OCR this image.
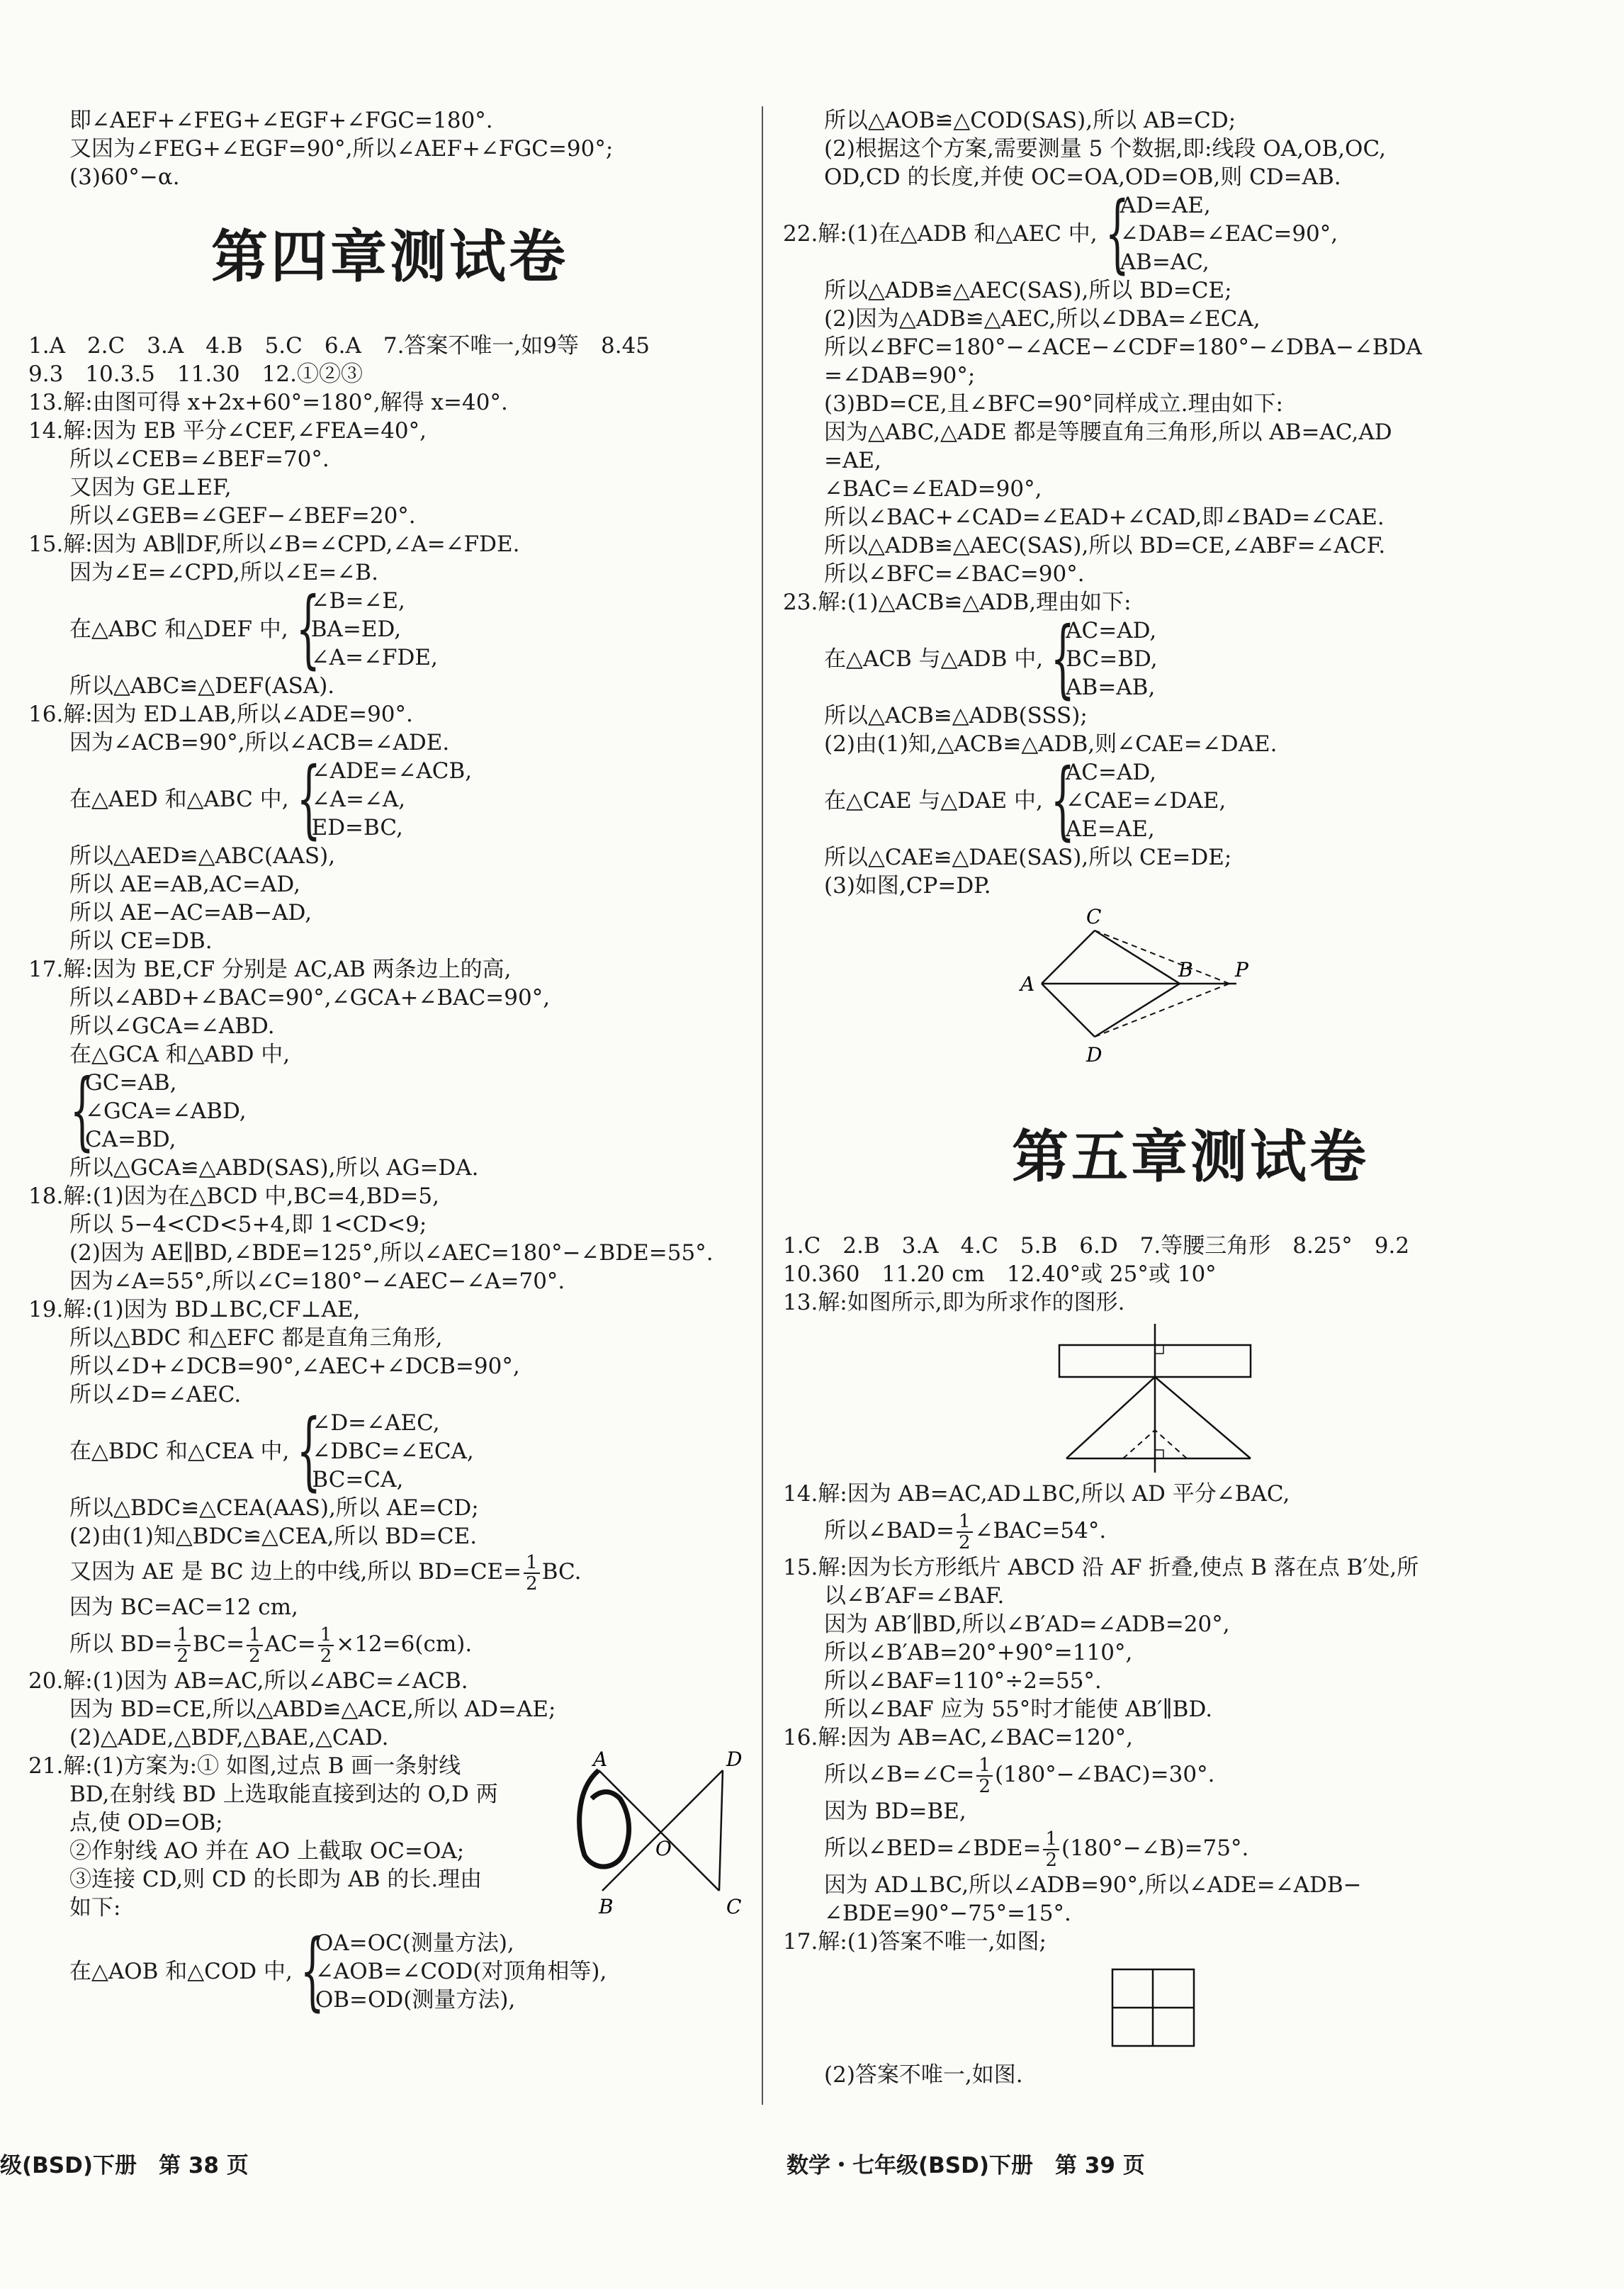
即∠AEF+∠FEG+∠EGF+∠FGC=180°.
又因为∠FEG+∠EGF=90°,所以∠AEF+∠FGC=90°;
(3)60°−α.
第四章测试卷
1.A　2.C　3.A　4.B　5.C　6.A　7.答案不唯一,如9等　8.45
9.3　10.3.5　11.30　12.①②③
13.解:由图可得 x+2x+60°=180°,解得 x=40°.
14.解:因为 EB 平分∠CEF,∠FEA=40°,
所以∠CEB=∠BEF=70°.
又因为 GE⊥EF,
所以∠GEB=∠GEF−∠BEF=20°.
15.解:因为 AB∥DF,所以∠B=∠CPD,∠A=∠FDE.
因为∠E=∠CPD,所以∠E=∠B.
在△ABC 和△DEF 中, {
∠B=∠E,
BA=ED,
∠A=∠FDE,
所以△ABC≌△DEF(ASA).
16.解:因为 ED⊥AB,所以∠ADE=90°.
因为∠ACB=90°,所以∠ACB=∠ADE.
在△AED 和△ABC 中, {
∠ADE=∠ACB,
∠A=∠A,
ED=BC,
所以△AED≌△ABC(AAS),
所以 AE=AB,AC=AD,
所以 AE−AC=AB−AD,
所以 CE=DB.
17.解:因为 BE,CF 分别是 AC,AB 两条边上的高,
所以∠ABD+∠BAC=90°,∠GCA+∠BAC=90°,
所以∠GCA=∠ABD.
在△GCA 和△ABD 中,
{
GC=AB,
∠GCA=∠ABD,
CA=BD,
所以△GCA≌△ABD(SAS),所以 AG=DA.
18.解:(1)因为在△BCD 中,BC=4,BD=5,
所以 5−4<CD<5+4,即 1<CD<9;
(2)因为 AE∥BD,∠BDE=125°,所以∠AEC=180°−∠BDE=55°.
因为∠A=55°,所以∠C=180°−∠AEC−∠A=70°.
19.解:(1)因为 BD⊥BC,CF⊥AE,
所以△BDC 和△EFC 都是直角三角形,
所以∠D+∠DCB=90°,∠AEC+∠DCB=90°,
所以∠D=∠AEC.
在△BDC 和△CEA 中, {
∠D=∠AEC,
∠DBC=∠ECA,
BC=CA,
所以△BDC≌△CEA(AAS),所以 AE=CD;
(2)由(1)知△BDC≌△CEA,所以 BD=CE.
又因为 AE 是 BC 边上的中线,所以 $BD=CE= \frac{1}{2}$ BC.
因为 BC=AC=12 cm,
所以 $BD= \frac{1}{2} BC= \frac{1}{2} AC= \frac{1}{2} \times 12=6(cm)$.
20.解:(1)因为 AB=AC,所以∠ABC=∠ACB.
因为 BD=CE,所以△ABD≌△ACE,所以 AD=AE;
(2)△ADE,△BDF,△BAE,△CAD.
21.解:(1)方案为:① 如图,过点 B 画一条射线
BD,在射线 BD 上选取能直接到达的 O,D 两
点,使 OD=OB;
②作射线 AO 并在 AO 上截取 OC=OA;
③连接 CD,则 CD 的长即为 AB 的长.理由
如下:
A
B	C
D
O
在△AOB 和△COD 中, {
OA=OC(测量方法),
∠AOB=∠COD(对顶角相等),
OB=OD(测量方法),
所以△AOB≌△COD(SAS),所以 AB=CD;
(2)根据这个方案,需要测量 5 个数据,即:线段 OA,OB,OC,
OD,CD 的长度,并使 OC=OA,OD=OB,则 CD=AB.
22.解:(1)在△ADB 和△AEC 中, {
AD=AE,
∠DAB=∠EAC=90°,
AB=AC,
所以△ADB≌△AEC(SAS),所以 BD=CE;
(2)因为△ADB≌△AEC,所以∠DBA=∠ECA,
所以∠BFC=180°−∠ACE−∠CDF=180°−∠DBA−∠BDA
=∠DAB=90°;
(3)BD=CE,且∠BFC=90°同样成立.理由如下:
因为△ABC,△ADE 都是等腰直角三角形,所以 AB=AC,AD
=AE,
∠BAC=∠EAD=90°,
所以∠BAC+∠CAD=∠EAD+∠CAD,即∠BAD=∠CAE.
所以△ADB≌△AEC(SAS),所以 BD=CE,∠ABF=∠ACF.
所以∠BFC=∠BAC=90°.
23.解:(1)△ACB≌△ADB,理由如下:
在△ACB 与△ADB 中, {
AC=AD,
BC=BD,
AB=AB,
所以△ACB≌△ADB(SSS);
(2)由(1)知,△ACB≌△ADB,则∠CAE=∠DAE.
在△CAE 与△DAE 中, {
AC=AD,
∠CAE=∠DAE,
AE=AE,
所以△CAE≌△DAE(SAS),所以 CE=DE;
(3)如图,CP=DP.
A
B
C
D
P
第五章测试卷
1.C　2.B　3.A　4.C　5.B　6.D　7.等腰三角形　8.25°　9.2
10.360　11.20 cm　12.40°或 25°或 10°
13.解:如图所示,即为所求作的图形.
14.解:因为 AB=AC,AD⊥BC,所以 AD 平分∠BAC,
所以∠BAD= $\frac{1}{2}$ ∠BAC=54°.
15.解:因为长方形纸片 ABCD 沿 AF 折叠,使点 B 落在点 B′处,所
以∠B′AF=∠BAF.
因为 AB′∥BD,所以∠B′AD=∠ADB=20°,
所以∠B′AB=20°+90°=110°,
所以∠BAF=110°÷2=55°.
所以∠BAF 应为 55°时才能使 AB′∥BD.
16.解:因为 AB=AC,∠BAC=120°,
所以∠B=∠C= $\frac{1}{2}$ (180°−∠BAC)=30°.
因为 BD=BE,
所以∠BED=∠BDE= $\frac{1}{2}$ (180°−∠B)=75°.
因为 AD⊥BC,所以∠ADB=90°,所以∠ADE=∠ADB−
∠BDE=90°−75°=15°.
17.解:(1)答案不唯一,如图;
(2)答案不唯一,如图.
级(BSD)下册　第 38 页	数学・七年级(BSD)下册　第 39 页
